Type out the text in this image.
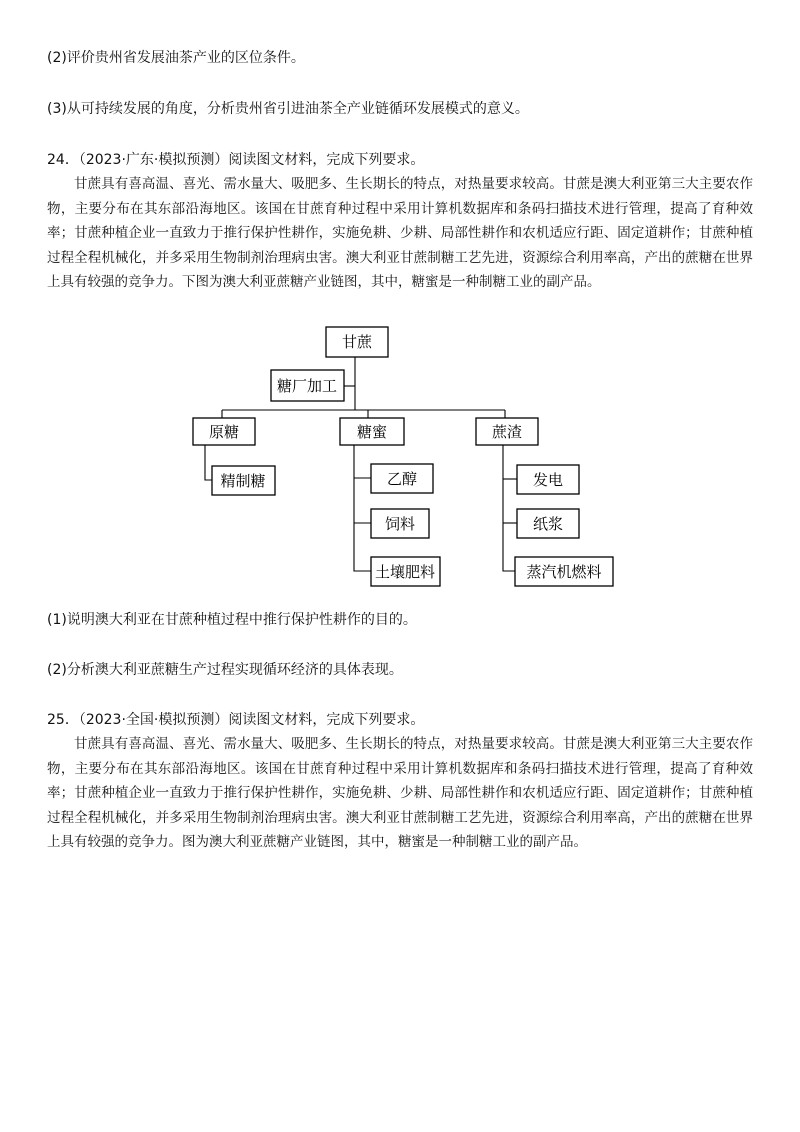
(2)评价贵州省发展油茶产业的区位条件。
(3)从可持续发展的角度，分析贵州省引进油茶全产业链循环发展模式的意义。
24．（2023·广东·模拟预测）阅读图文材料，完成下列要求。

甘蔗具有喜高温、喜光、需水量大、吸肥多、生长期长的特点，对热量要求较高。甘蔗是澳大利亚第三大主要农作物，主要分布在其东部沿海地区。该国在甘蔗育种过程中采用计算机数据库和条码扫描技术进行管理，提高了育种效率；甘蔗种植企业一直致力于推行保护性耕作，实施免耕、少耕、局部性耕作和农机适应行距、固定道耕作；甘蔗种植过程全程机械化，并多采用生物制剂治理病虫害。澳大利亚甘蔗制糖工艺先进，资源综合利用率高，产出的蔗糖在世界上具有较强的竞争力。下图为澳大利亚蔗糖产业链图，其中，糖蜜是一种制糖工业的副产品。

甘蔗
糖厂加工
原糖	糖蜜	蔗渣
精制糖	乙醇
饲料
土壤肥料
发电
纸浆
蒸汽机燃料
(1)说明澳大利亚在甘蔗种植过程中推行保护性耕作的目的。
(2)分析澳大利亚蔗糖生产过程实现循环经济的具体表现。
25．（2023·全国·模拟预测）阅读图文材料，完成下列要求。

甘蔗具有喜高温、喜光、需水量大、吸肥多、生长期长的特点，对热量要求较高。甘蔗是澳大利亚第三大主要农作物，主要分布在其东部沿海地区。该国在甘蔗育种过程中采用计算机数据库和条码扫描技术进行管理，提高了育种效率；甘蔗种植企业一直致力于推行保护性耕作，实施免耕、少耕、局部性耕作和农机适应行距、固定道耕作；甘蔗种植过程全程机械化，并多采用生物制剂治理病虫害。澳大利亚甘蔗制糖工艺先进，资源综合利用率高，产出的蔗糖在世界上具有较强的竞争力。图为澳大利亚蔗糖产业链图，其中，糖蜜是一种制糖工业的副产品。
